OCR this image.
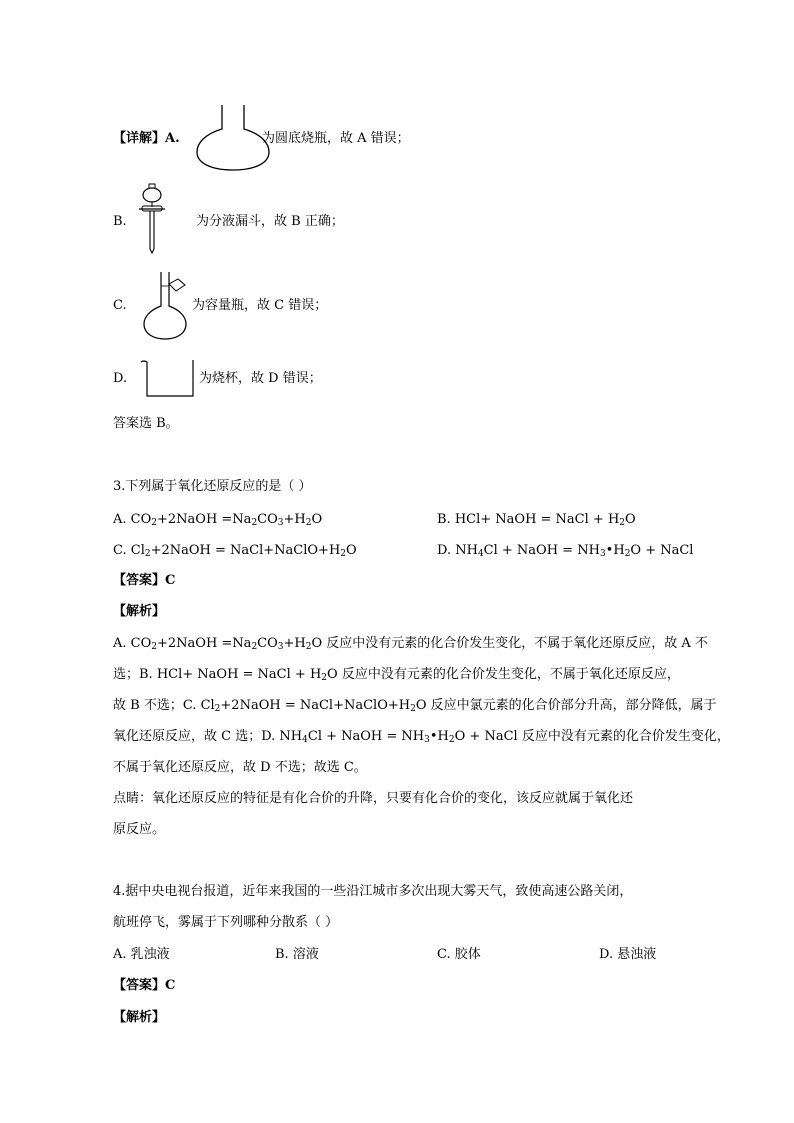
【详解】A.	为圆底烧瓶，故 A 错误；
B.	为分液漏斗，故 B 正确；
C.	为容量瓶，故 C 错误；
D.	为烧杯，故 D 错误；
答案选 B。
3.下列属于氧化还原反应的是（ ）
A. $CO_2+2NaOH =Na_2CO_3+H_2O$	B. HCl+ NaOH = NaCl + $H_2O$
C. $Cl_2+2NaOH$ = $NaCl+NaClO+H_2O$	D. $NH_4Cl$ + NaOH = $NH_3•H_2O$ + NaCl
【答案】C
【解析】
A. $CO_2+2NaOH =Na_2CO_3+H_2O$ 反应中没有元素的化合价发生变化，不属于氧化还原反应，故 A 不
选；B. HCl+ NaOH = NaCl + $H_2O$ 反应中没有元素的化合价发生变化，不属于氧化还原反应，
故 B 不选；C. $Cl_2+2NaOH$ = $NaCl+NaClO+H_2O$ 反应中氯元素的化合价部分升高，部分降低，属于
氧化还原反应，故 C 选；D. $NH_4Cl$ + NaOH = $NH_3•H_2O$ + NaCl 反应中没有元素的化合价发生变化，
不属于氧化还原反应，故 D 不选；故选 C。
点睛：氧化还原反应的特征是有化合价的升降，只要有化合价的变化，该反应就属于氧化还
原反应。
4.据中央电视台报道，近年来我国的一些沿江城市多次出现大雾天气，致使高速公路关闭，
航班停飞，雾属于下列哪种分散系（ ）
A. 乳浊液	B. 溶液	C. 胶体	D. 悬浊液
【答案】C
【解析】
